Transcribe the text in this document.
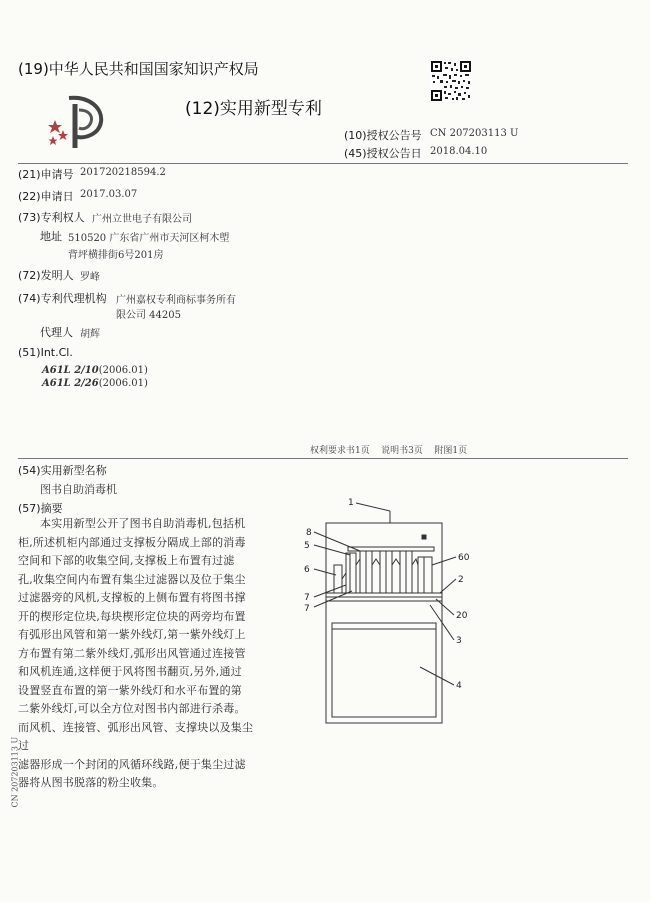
(19)中华人民共和国国家知识产权局
(12)实用新型专利
(10)授权公告号 CN 207203113 U
(45)授权公告日 2018.04.10
(21)申请号 201720218594.2
(22)申请日 2017.03.07
(73)专利权人 广州立世电子有限公司
地址 510520 广东省广州市天河区柯木塱
背坪横排街6号201房
(72)发明人 罗峰
(74)专利代理机构 广州嘉权专利商标事务所有
限公司 44205
代理人 胡辉
(51)Int.Cl.
A61L 2/10(2006.01)
A61L 2/26(2006.01)
权利要求书1页    说明书3页    附图1页
(54)实用新型名称
图书自助消毒机
(57)摘要
本实用新型公开了图书自助消毒机,包括机
柜,所述机柜内部通过支撑板分隔成上部的消毒
空间和下部的收集空间,支撑板上布置有过滤
孔,收集空间内布置有集尘过滤器以及位于集尘
过滤器旁的风机,支撑板的上侧布置有将图书撑
开的楔形定位块,每块楔形定位块的两旁均布置
有弧形出风管和第一紫外线灯,第一紫外线灯上
方布置有第二紫外线灯,弧形出风管通过连接管
和风机连通,这样便于风将图书翻页,另外,通过
设置竖直布置的第一紫外线灯和水平布置的第
二紫外线灯,可以全方位对图书内部进行杀毒。
而风机、连接管、弧形出风管、支撑块以及集尘过
滤器形成一个封闭的风循环线路,便于集尘过滤
器将从图书脱落的粉尘收集。
1
8
5
6
7
7
60
2
20
3
4
CN 207203113 U
